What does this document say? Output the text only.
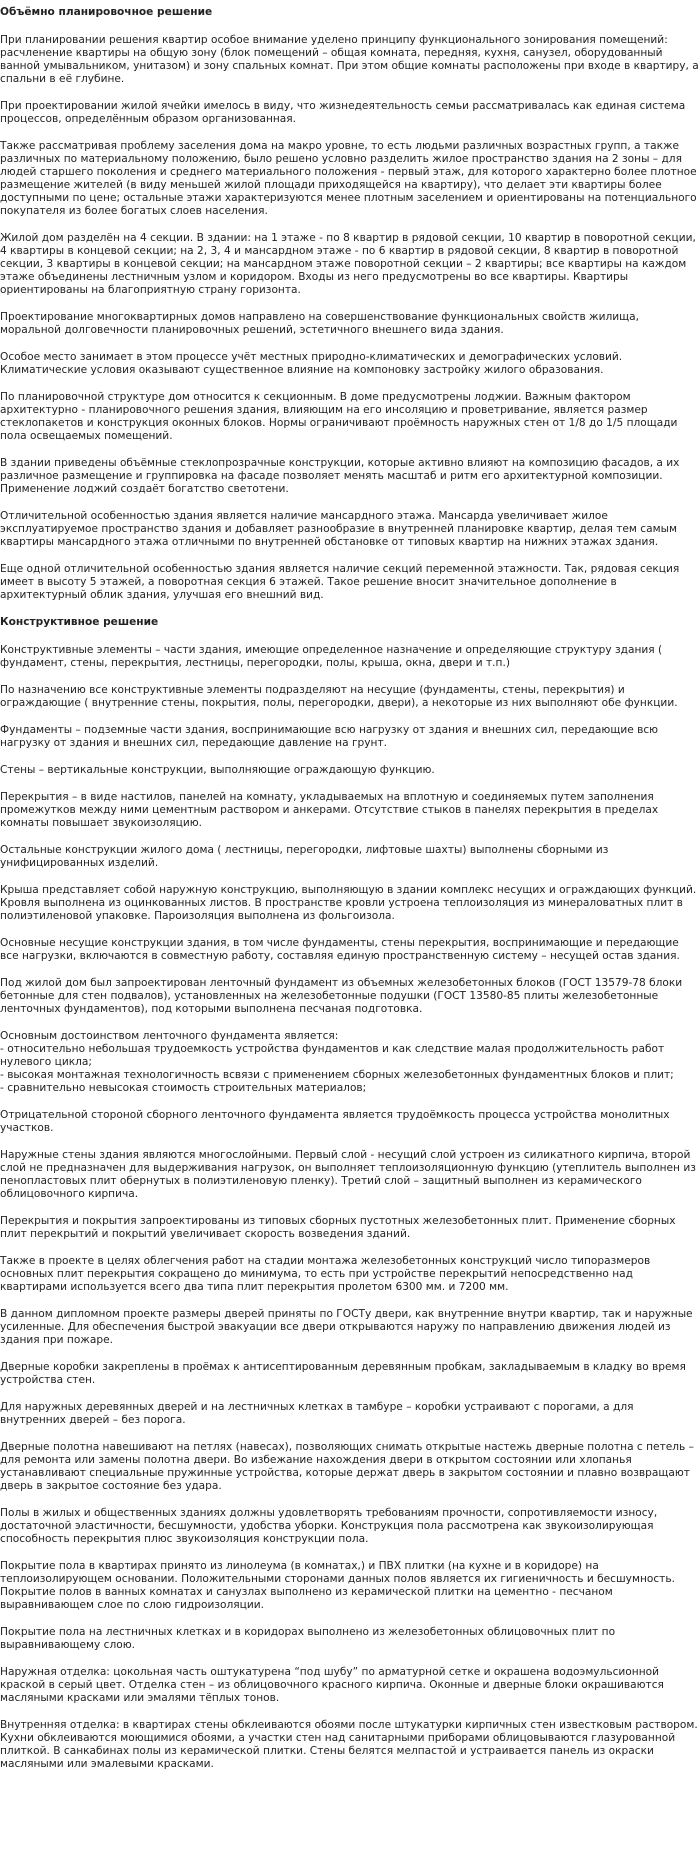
Объёмно планировочное решение

При планировании решения квартир особое внимание уделено принципу функционального зонирования помещений: расчленение квартиры на общую зону (блок помещений – общая комната, передняя, кухня, санузел, оборудованный ванной умывальником, унитазом) и зону спальных комнат. При этом общие комнаты расположены при входе в квартиру, а спальни в её глубине.

При проектировании жилой ячейки имелось в виду, что жизнедеятельность семьи рассматривалась как единая система процессов, определённым образом организованная.

Также рассматривая проблему заселения дома на макро уровне, то есть людьми различных возрастных групп, а также различных по материальному положению, было решено условно разделить жилое пространство здания на 2 зоны – для людей старшего поколения и среднего материального положения - первый этаж, для которого характерно более плотное размещение жителей (в виду меньшей жилой площади приходящейся на квартиру), что делает эти квартиры более доступными по цене; остальные этажи характеризуются менее плотным заселением и ориентированы на потенциального покупателя из более богатых слоев населения.

Жилой дом разделён на 4 секции. В здании: на 1 этаже - по 8 квартир в рядовой секции, 10 квартир в поворотной секции, 4 квартиры в концевой секции; на 2, 3, 4 и мансардном этаже - по 6 квартир в рядовой секции, 8 квартир в поворотной секции, 3 квартиры в концевой секции; на мансардном этаже поворотной секции – 2 квартиры; все квартиры на каждом этаже объединены лестничным узлом и коридором. Входы из него предусмотрены во все квартиры. Квартиры ориентированы на благоприятную страну горизонта.

Проектирование многоквартирных домов направлено на совершенствование функциональных свойств жилища, моральной долговечности планировочных решений, эстетичного внешнего вида здания.

Особое место занимает в этом процессе учёт местных природно-климатических и демографических условий. Климатические условия оказывают существенное влияние на компоновку застройку жилого образования.

По планировочной структуре дом относится к секционным. В доме предусмотрены лоджии. Важным фактором архитектурно - планировочного решения здания, влияющим на его инсоляцию и проветривание, является размер стеклопакетов и конструкция оконных блоков. Нормы ограничивают проёмность наружных стен от 1/8 до 1/5 площади пола освещаемых помещений.

В здании приведены объёмные стеклопрозрачные конструкции, которые активно влияют на композицию фасадов, а их различное размещение и группировка на фасаде позволяет менять масштаб и ритм его архитектурной композиции. Применение лоджий создаёт богатство светотени.

Отличительной особенностью здания является наличие мансардного этажа. Мансарда увеличивает жилое эксплуатируемое пространство здания и добавляет разнообразие в внутренней планировке квартир, делая тем самым квартиры мансардного этажа отличными по внутренней обстановке от типовых квартир на нижних этажах здания.

Еще одной отличительной особенностью здания является наличие секций переменной этажности. Так, рядовая секция имеет в высоту 5 этажей, а поворотная секция 6 этажей. Такое решение вносит значительное дополнение в архитектурный облик здания, улучшая его внешний вид.

Конструктивное решение

Конструктивные элементы – части здания, имеющие определенное назначение и определяющие структуру здания ( фундамент, стены, перекрытия, лестницы, перегородки, полы, крыша, окна, двери и т.п.)

По назначению все конструктивные элементы подразделяют на несущие (фундаменты, стены, перекрытия) и ограждающие ( внутренние стены, покрытия, полы, перегородки, двери), а некоторые из них выполняют обе функции.

Фундаменты – подземные части здания, воспринимающие всю нагрузку от здания и внешних сил, передающие всю нагрузку от здания и внешних сил, передающие давление на грунт.

Стены – вертикальные конструкции, выполняющие ограждающую функцию.

Перекрытия – в виде настилов, панелей на комнату, укладываемых на вплотную и соединяемых путем заполнения промежутков между ними цементным раствором и анкерами. Отсутствие стыков в панелях перекрытия в пределах комнаты повышает звукоизоляцию.

Остальные конструкции жилого дома ( лестницы, перегородки, лифтовые шахты) выполнены сборными из унифицированных изделий.

Крыша представляет собой наружную конструкцию, выполняющую в здании комплекс несущих и ограждающих функций. Кровля выполнена из оцинкованных листов. В пространстве кровли устроена теплоизоляция из минераловатных плит в полиэтиленовой упаковке. Пароизоляция выполнена из фольгоизола.

Основные несущие конструкции здания, в том числе фундаменты, стены перекрытия, воспринимающие и передающие все нагрузки, включаются в совместную работу, составляя единую пространственную систему – несущей остав здания.

Под жилой дом был запроектирован ленточный фундамент из объемных железобетонных блоков (ГОСТ 13579-78 блоки бетонные для стен подвалов), установленных на железобетонные подушки (ГОСТ 13580-85 плиты железобетонные ленточных фундаментов), под которыми выполнена песчаная подготовка.

Основным достоинством ленточного фундамента является:
- относительно небольшая трудоемкость устройства фундаментов и как следствие малая продолжительность работ нулевого цикла;
- высокая монтажная технологичность всвязи с применением сборных железобетонных фундаментных блоков и плит;
- сравнительно невысокая стоимость строительных материалов;

Отрицательной стороной сборного ленточного фундамента является трудоёмкость процесса устройства монолитных участков.

Наружные стены здания являются многослойными. Первый слой - несущий слой устроен из силикатного кирпича, второй слой не предназначен для выдерживания нагрузок, он выполняет теплоизоляционную функцию (утеплитель выполнен из пенопластовых плит обернутых в полиэтиленовую пленку). Третий слой – защитный выполнен из керамического облицовочного кирпича.

Перекрытия и покрытия запроектированы из типовых сборных пустотных железобетонных плит. Применение сборных плит перекрытий и покрытий увеличивает скорость возведения зданий.

Также в проекте в целях облегчения работ на стадии монтажа железобетонных конструкций число типоразмеров основных плит перекрытия сокращено до минимума, то есть при устройстве перекрытий непосредственно над квартирами используется всего два типа плит перекрытия пролетом 6300 мм. и 7200 мм.

В данном дипломном проекте размеры дверей приняты по ГОСТу двери, как внутренние внутри квартир, так и наружные усиленные. Для обеспечения быстрой эвакуации все двери открываются наружу по направлению движения людей из здания при пожаре.

Дверные коробки закреплены в проёмах к антисептированным деревянным пробкам, закладываемым в кладку во время устройства стен.

Для наружных деревянных дверей и на лестничных клетках в тамбуре – коробки устраивают с порогами, а для внутренних дверей – без порога.

Дверные полотна навешивают на петлях (навесах), позволяющих снимать открытые настежь дверные полотна с петель – для ремонта или замены полотна двери. Во избежание нахождения двери в открытом состоянии или хлопанья устанавливают специальные пружинные устройства, которые держат дверь в закрытом состоянии и плавно возвращают дверь в закрытое состояние без удара.

Полы в жилых и общественных зданиях должны удовлетворять требованиям прочности, сопротивляемости износу, достаточной эластичности, бесшумности, удобства уборки. Конструкция пола рассмотрена как звукоизолирующая способность перекрытия плюс звукоизоляция конструкции пола.

Покрытие пола в квартирах принято из линолеума (в комнатах,) и ПВХ плитки (на кухне и в коридоре) на теплоизолирующем основании. Положительными сторонами данных полов является их гигиеничность и бесшумность. Покрытие полов в ванных комнатах и санузлах выполнено из керамической плитки на цементно - песчаном выравнивающем слое по слою гидроизоляции.

Покрытие пола на лестничных клетках и в коридорах выполнено из железобетонных облицовочных плит по выравнивающему слою.

Наружная отделка: цокольная часть оштукатурена “под шубу” по арматурной сетке и окрашена водоэмульсионной краской в серый цвет. Отделка стен – из облицовочного красного кирпича. Оконные и дверные блоки окрашиваются масляными красками или эмалями тёплых тонов.

Внутренняя отделка: в квартирах стены обклеиваются обоями после штукатурки кирпичных стен известковым раствором. Кухни обклеиваются моющимися обоями, а участки стен над санитарными приборами облицовываются глазурованной плиткой. В санкабинах полы из керамической плитки. Стены белятся мелпастой и устраивается панель из окраски масляными или эмалевыми красками.
